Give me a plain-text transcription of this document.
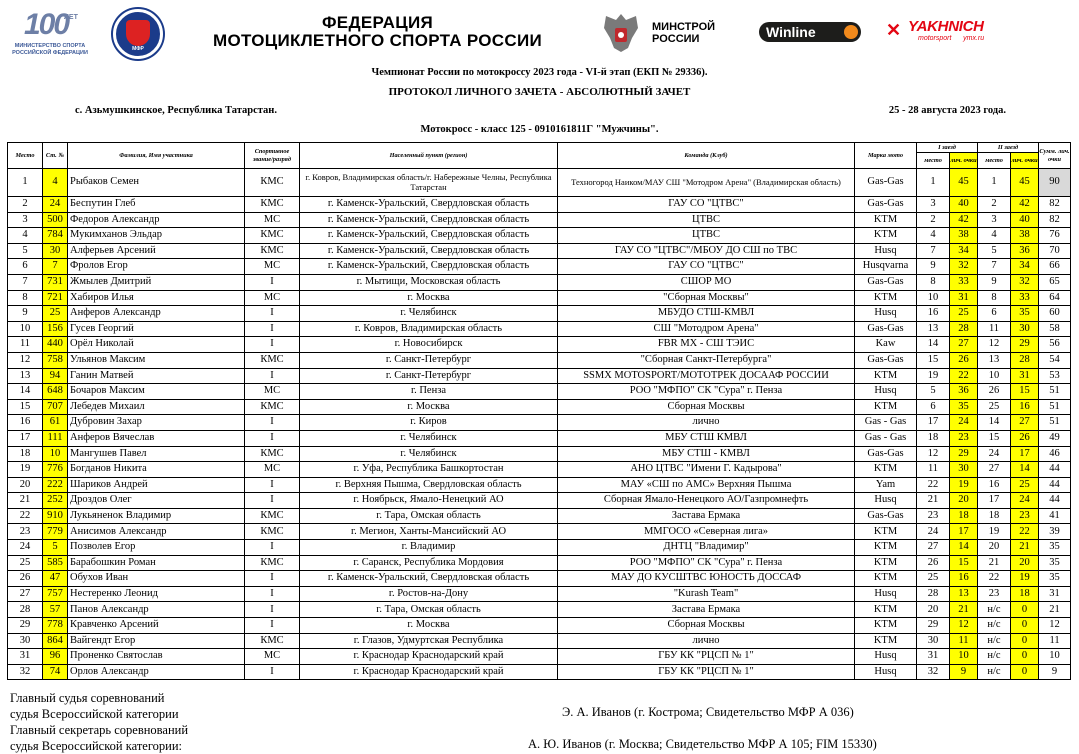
100
ЛЕТ
МИНИСТЕРСТВО СПОРТА РОССИЙСКОЙ ФЕДЕРАЦИИ
МФР
ФЕДЕРАЦИЯ
МОТОЦИКЛЕТНОГО СПОРТА РОССИИ
МИНСТРОЙ
РОССИИ	Winline	✕ YAKHNICH
motorsport ymx.ru
Чемпионат России по мотокроссу 2023 года - VI-й этап (ЕКП № 29336).
ПРОТОКОЛ ЛИЧНОГО ЗАЧЕТА - АБСОЛЮТНЫЙ ЗАЧЕТ
с. Азьмушкинское, Республика Татарстан.	25 - 28 августа 2023 года.
Мотокросс - класс 125 - 0910161811Г "Мужчины".
Место	Ст. №	Фамилия, Имя участника	Спортивное звание/разряд	Населенный пункт (регион)	Команда (Клуб)	Марка мото	I заезд		II заезд		Сумм. лич. очки
							место	лич. очки	место	лич. очки	
1	4	Рыбаков Семен	КМС	г. Ковров, Владимирская область/г. Набережные Челны, Республика Татарстан	Техногород Наиком/МАУ СШ "Мотодром Арена" (Владимирская область)	Gas-Gas	1	45	1	45	90
2	24	Беспутин Глеб	КМС	г. Каменск-Уральский, Свердловская область	ГАУ СО "ЦТВС"	Gas-Gas	3	40	2	42	82
3	500	Федоров Александр	МС	г. Каменск-Уральский, Свердловская область	ЦТВС	KTM	2	42	3	40	82
4	784	Мукимханов Эльдар	КМС	г. Каменск-Уральский, Свердловская область	ЦТВС	KTM	4	38	4	38	76
5	30	Алферьев Арсений	КМС	г. Каменск-Уральский, Свердловская область	ГАУ СО "ЦТВС"/МБОУ ДО СШ по ТВС	Husq	7	34	5	36	70
6	7	Фролов Егор	МС	г. Каменск-Уральский, Свердловская область	ГАУ СО "ЦТВС"	Husqvarna	9	32	7	34	66
7	731	Жмылев Дмитрий	I	г. Мытищи, Московская область	СШОР МО	Gas-Gas	8	33	9	32	65
8	721	Хабиров Илья	МС	г. Москва	"Сборная Москвы"	KTM	10	31	8	33	64
9	25	Анферов Александр	I	г. Челябинск	МБУДО СТШ-КМВЛ	Husq	16	25	6	35	60
10	156	Гусев Георгий	I	г. Ковров, Владимирская область	СШ "Мотодром Арена"	Gas-Gas	13	28	11	30	58
11	440	Орёл Николай	I	г. Новосибирск	FBR MX - СШ ТЭИС	Kaw	14	27	12	29	56
12	758	Ульянов Максим	КМС	г. Санкт-Петербург	"Сборная Санкт-Петербурга"	Gas-Gas	15	26	13	28	54
13	94	Ганин Матвей	I	г. Санкт-Петербург	SSMX MOTOSPORT/МОТОТРЕК ДОСААФ РОССИИ	KTM	19	22	10	31	53
14	648	Бочаров Максим	МС	г. Пенза	РОО "МФПО" СК "Сура" г. Пенза	Husq	5	36	26	15	51
15	707	Лебедев Михаил	КМС	г. Москва	Сборная Москвы	KTM	6	35	25	16	51
16	61	Дубровин Захар	I	г. Киров	лично	Gas - Gas	17	24	14	27	51
17	111	Анферов Вячеслав	I	г. Челябинск	МБУ СТШ КМВЛ	Gas - Gas	18	23	15	26	49
18	10	Мангушев Павел	КМС	г. Челябинск	МБУ СТШ - КМВЛ	Gas-Gas	12	29	24	17	46
19	776	Богданов Никита	МС	г. Уфа, Республика Башкортостан	АНО ЦТВС "Имени Г. Кадырова"	KTM	11	30	27	14	44
20	222	Шариков Андрей	I	г. Верхняя Пышма, Свердловская область	МАУ «СШ по АМС» Верхняя Пышма	Yam	22	19	16	25	44
21	252	Дроздов Олег	I	г. Ноябрьск, Ямало-Ненецкий АО	Сборная Ямало-Ненецкого АО/Газпромнефть	Husq	21	20	17	24	44
22	910	Лукьяненок Владимир	КМС	г. Тара, Омская область	Застава Ермака	Gas-Gas	23	18	18	23	41
23	779	Анисимов Александр	КМС	г. Мегион, Ханты-Мансийский АО	ММГОСО «Северная лига»	KTM	24	17	19	22	39
24	5	Позволев Егор	I	г. Владимир	ДНТЦ "Владимир"	KTM	27	14	20	21	35
25	585	Барабошкин Роман	КМС	г. Саранск, Республика Мордовия	РОО "МФПО" СК "Сура" г. Пенза	KTM	26	15	21	20	35
26	47	Обухов Иван	I	г. Каменск-Уральский, Свердловская область	МАУ ДО КУСШТВС ЮНОСТЬ ДОССАФ	KTM	25	16	22	19	35
27	757	Нестеренко Леонид	I	г. Ростов-на-Дону	"Kurash Team"	Husq	28	13	23	18	31
28	57	Панов Александр	I	г. Тара, Омская область	Застава Ермака	KTM	20	21	н/с	0	21
29	778	Кравченко Арсений	I	г. Москва	Сборная Москвы	KTM	29	12	н/с	0	12
30	864	Вайгендт Егор	КМС	г. Глазов, Удмуртская Республика	лично	KTM	30	11	н/с	0	11
31	96	Проненко Святослав	МС	г. Краснодар Краснодарский край	ГБУ КК "РЦСП № 1"	Husq	31	10	н/с	0	10
32	74	Орлов Александр	I	г. Краснодар Краснодарский край	ГБУ КК "РЦСП № 1"	Husq	32	9	н/с	0	9
Главный судья соревнований
судья Всероссийской категории	Э. А. Иванов (г. Кострома; Свидетельство МФР А 036)
Главный секретарь соревнований
судья Всероссийской категории:	А. Ю. Иванов (г. Москва; Свидетельство МФР А 105; FIM 15330)
